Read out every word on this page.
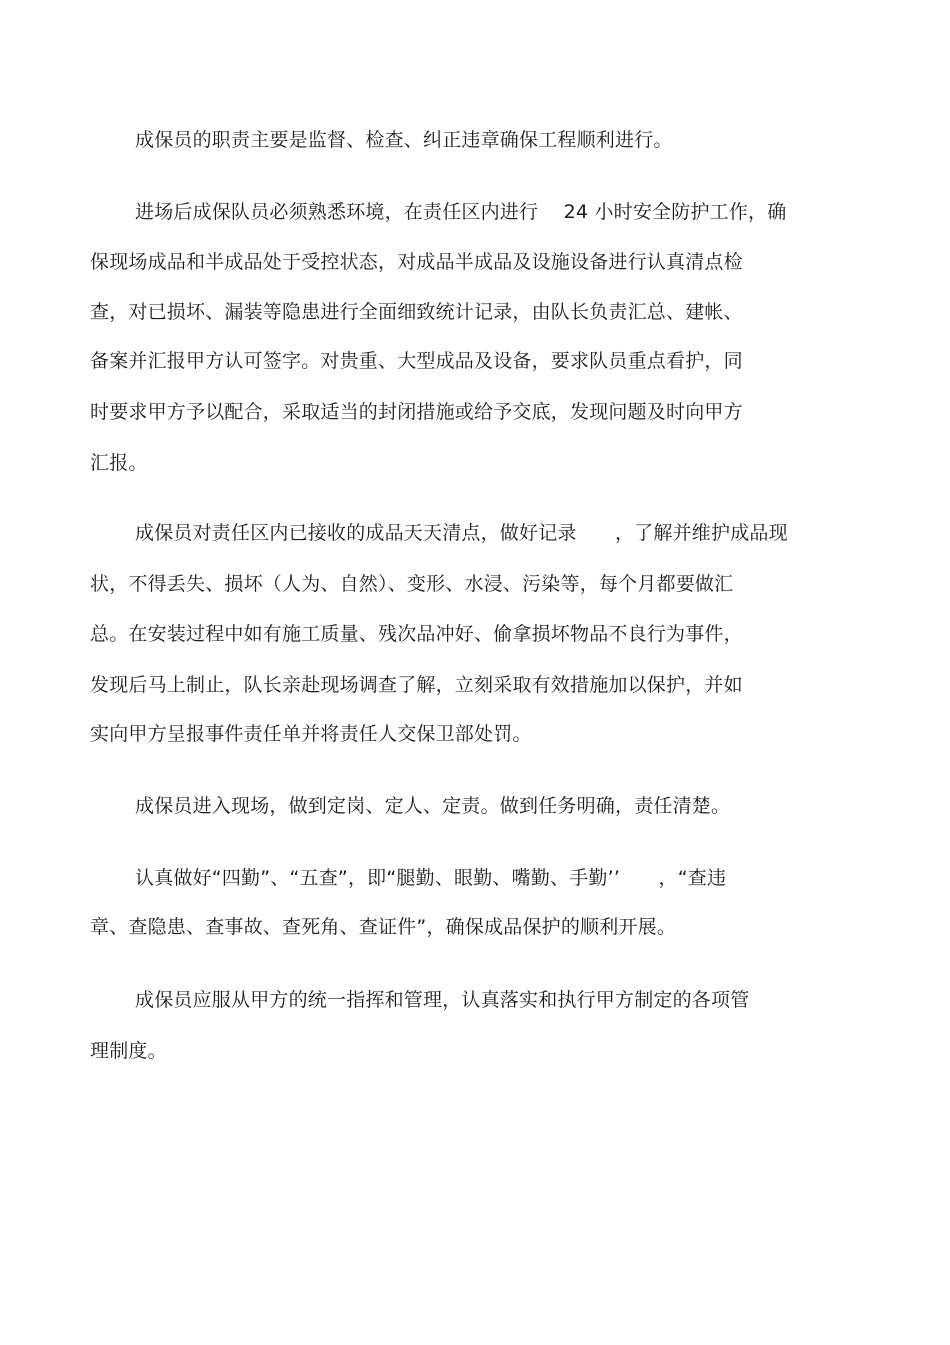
成保员的职责主要是监督、检查、纠正违章确保工程顺利进行。
进场后成保队员必须熟悉环境，在责任区内进行　 24 小时安全防护工作，确
保现场成品和半成品处于受控状态，对成品半成品及设施设备进行认真清点检
查，对已损坏、漏装等隐患进行全面细致统计记录，由队长负责汇总、建帐、
备案并汇报甲方认可签字。对贵重、大型成品及设备，要求队员重点看护，同
时要求甲方予以配合，采取适当的封闭措施或给予交底，发现问题及时向甲方
汇报。
成保员对责任区内已接收的成品天天清点，做好记录　　，了解并维护成品现
状，不得丢失、损坏（人为、自然）、变形、水浸、污染等，每个月都要做汇
总。在安装过程中如有施工质量、残次品冲好、偷拿损坏物品不良行为事件，
发现后马上制止，队长亲赴现场调查了解，立刻采取有效措施加以保护，并如
实向甲方呈报事件责任单并将责任人交保卫部处罚。
成保员进入现场，做到定岗、定人、定责。做到任务明确，责任清楚。
认真做好“四勤”、“五查”，即“腿勤、眼勤、嘴勤、手勤’’　　，“查违
章、查隐患、查事故、查死角、查证件”，确保成品保护的顺利开展。
成保员应服从甲方的统一指挥和管理，认真落实和执行甲方制定的各项管
理制度。
